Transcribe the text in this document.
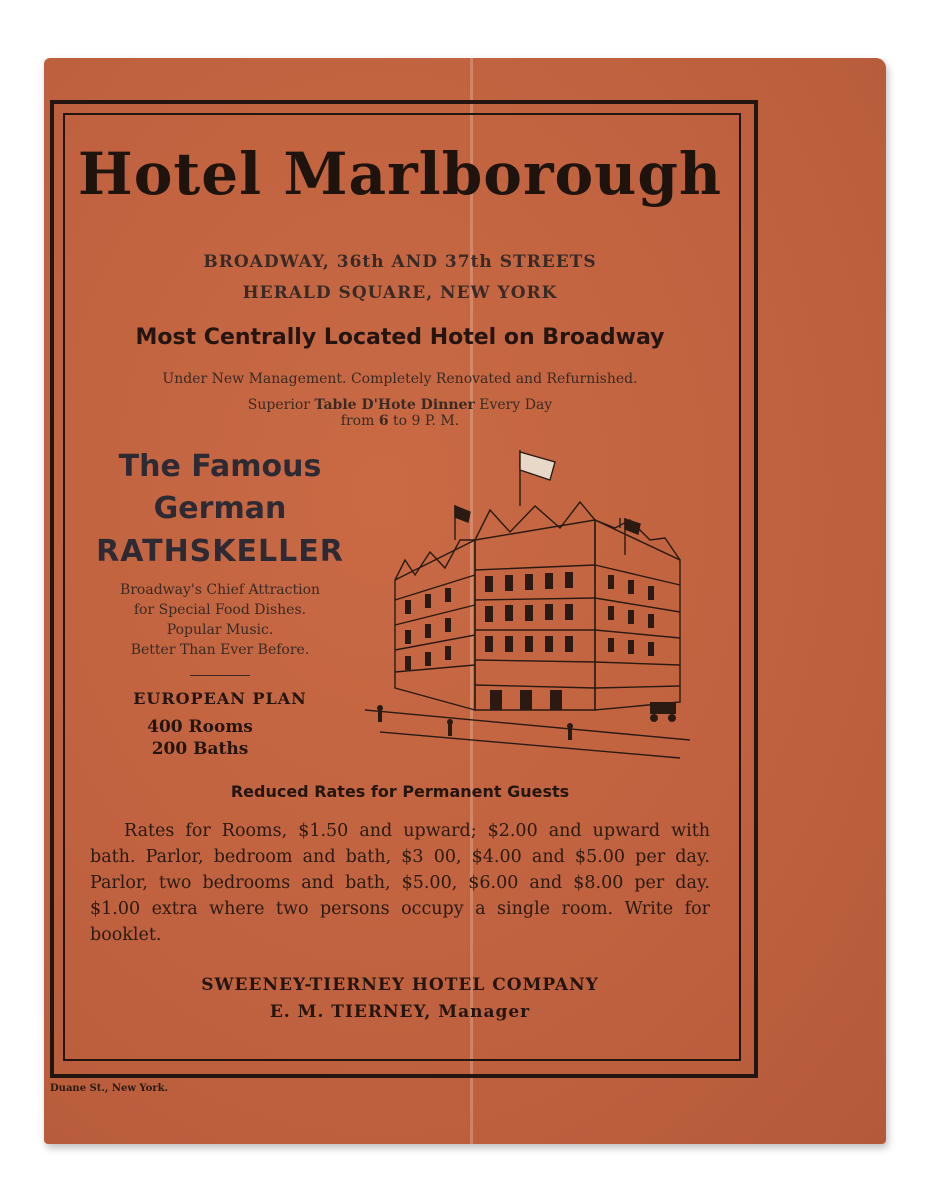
Hotel Marlborough
BROADWAY, 36th AND 37th STREETS
HERALD SQUARE, NEW YORK
Most Centrally Located Hotel on Broadway
Under New Management. Completely Renovated and Refurnished.
Superior Table D'Hote Dinner Every Day
from 6 to 9 P. M.
The Famous
German
RATHSKELLER
Broadway's Chief Attraction
for Special Food Dishes.
Popular Music.
Better Than Ever Before.
EUROPEAN PLAN
400 Rooms
200 Baths
Reduced Rates for Permanent Guests

Rates for Rooms, $1.50 and upward; $2.00 and upward with bath. Parlor, bedroom and bath, $3 00, $4.00 and $5.00 per day. Parlor, two bedrooms and bath, $5.00, $6.00 and $8.00 per day. $1.00 extra where two persons occupy a single room. Write for booklet.

SWEENEY-TIERNEY HOTEL COMPANY
E. M. TIERNEY, Manager
Duane St., New York.
